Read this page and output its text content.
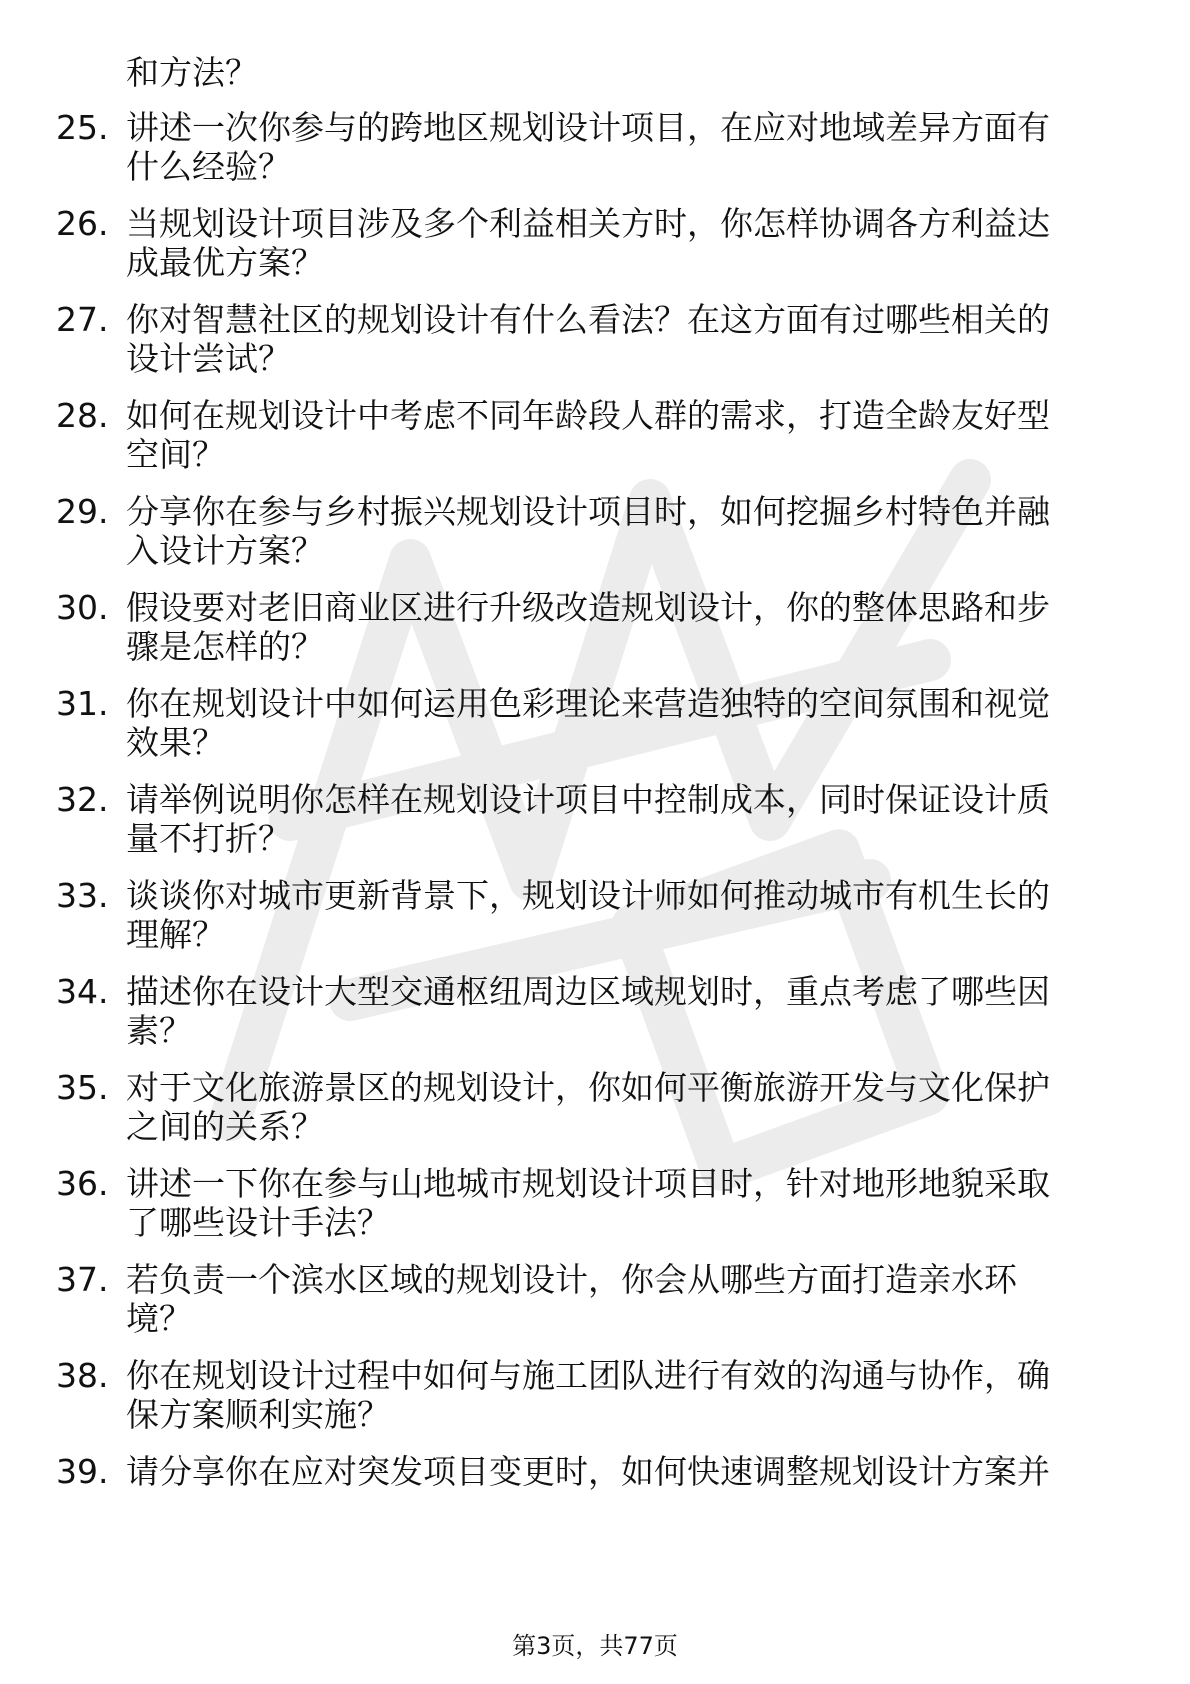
和方法？
25. 讲述一次你参与的跨地区规划设计项目，在应对地域差异方面有
什么经验？
26. 当规划设计项目涉及多个利益相关方时，你怎样协调各方利益达
成最优方案？
27. 你对智慧社区的规划设计有什么看法？在这方面有过哪些相关的
设计尝试？
28. 如何在规划设计中考虑不同年龄段人群的需求，打造全龄友好型
空间？
29. 分享你在参与乡村振兴规划设计项目时，如何挖掘乡村特色并融
入设计方案？
30. 假设要对老旧商业区进行升级改造规划设计，你的整体思路和步
骤是怎样的？
31. 你在规划设计中如何运用色彩理论来营造独特的空间氛围和视觉
效果？
32. 请举例说明你怎样在规划设计项目中控制成本，同时保证设计质
量不打折？
33. 谈谈你对城市更新背景下，规划设计师如何推动城市有机生长的
理解？
34. 描述你在设计大型交通枢纽周边区域规划时，重点考虑了哪些因
素？
35. 对于文化旅游景区的规划设计，你如何平衡旅游开发与文化保护
之间的关系？
36. 讲述一下你在参与山地城市规划设计项目时，针对地形地貌采取
了哪些设计手法？
37. 若负责一个滨水区域的规划设计，你会从哪些方面打造亲水环
境？
38. 你在规划设计过程中如何与施工团队进行有效的沟通与协作，确
保方案顺利实施？
39. 请分享你在应对突发项目变更时，如何快速调整规划设计方案并
第3页，共77页
